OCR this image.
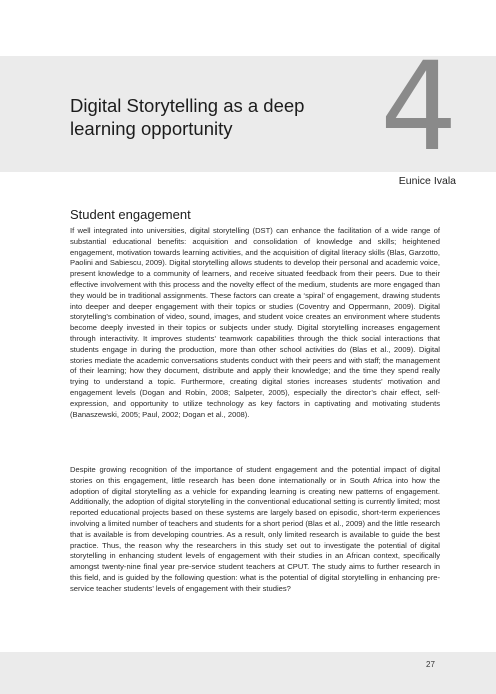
Digital Storytelling as a deep learning opportunity	4
Eunice Ivala
Student engagement

If well integrated into universities, digital storytelling (DST) can enhance the facilitation of a wide range of substantial educational benefits: acquisition and consolidation of knowledge and skills; heightened engagement, motivation towards learning activities, and the acquisition of digital literacy skills (Blas, Garzotto, Paolini and Sabiescu, 2009). Digital storytelling allows students to develop their personal and academic voice, present knowledge to a community of learners, and receive situated feedback from their peers. Due to their effective involvement with this process and the novelty effect of the medium, students are more engaged than they would be in traditional assignments. These factors can create a ‘spiral’ of engagement, drawing students into deeper and deeper engagement with their topics or studies (Coventry and Oppermann, 2009). Digital storytelling’s combination of video, sound, images, and student voice creates an environment where students become deeply invested in their topics or subjects under study. Digital storytelling increases engagement through interactivity. It improves students’ teamwork capabilities through the thick social interactions that students engage in during the production, more than other school activities do (Blas et al., 2009). Digital stories mediate the academic conversations students conduct with their peers and with staff; the management of their learning; how they document, distribute and apply their knowledge; and the time they spend really trying to understand a topic. Furthermore, creating digital stories increases students’ motivation and engagement levels (Dogan and Robin, 2008; Salpeter, 2005), especially the director’s chair effect, self-expression, and opportunity to utilize technology as key factors in captivating and motivating students (Banaszewski, 2005; Paul, 2002; Dogan et al., 2008).

Despite growing recognition of the importance of student engagement and the potential impact of digital stories on this engagement, little research has been done internationally or in South Africa into how the adoption of digital storytelling as a vehicle for expanding learning is creating new patterns of engagement. Additionally, the adoption of digital storytelling in the conventional educational setting is currently limited; most reported educational projects based on these systems are largely based on episodic, short-term experiences involving a limited number of teachers and students for a short period (Blas et al., 2009) and the little research that is available is from developing countries. As a result, only limited research is available to guide the best practice. Thus, the reason why the researchers in this study set out to investigate the potential of digital storytelling in enhancing student levels of engagement with their studies in an African context, specifically amongst twenty-nine final year pre-service student teachers at CPUT. The study aims to further research in this field, and is guided by the following question: what is the potential of digital storytelling in enhancing pre-service teacher students’ levels of engagement with their studies?

27
